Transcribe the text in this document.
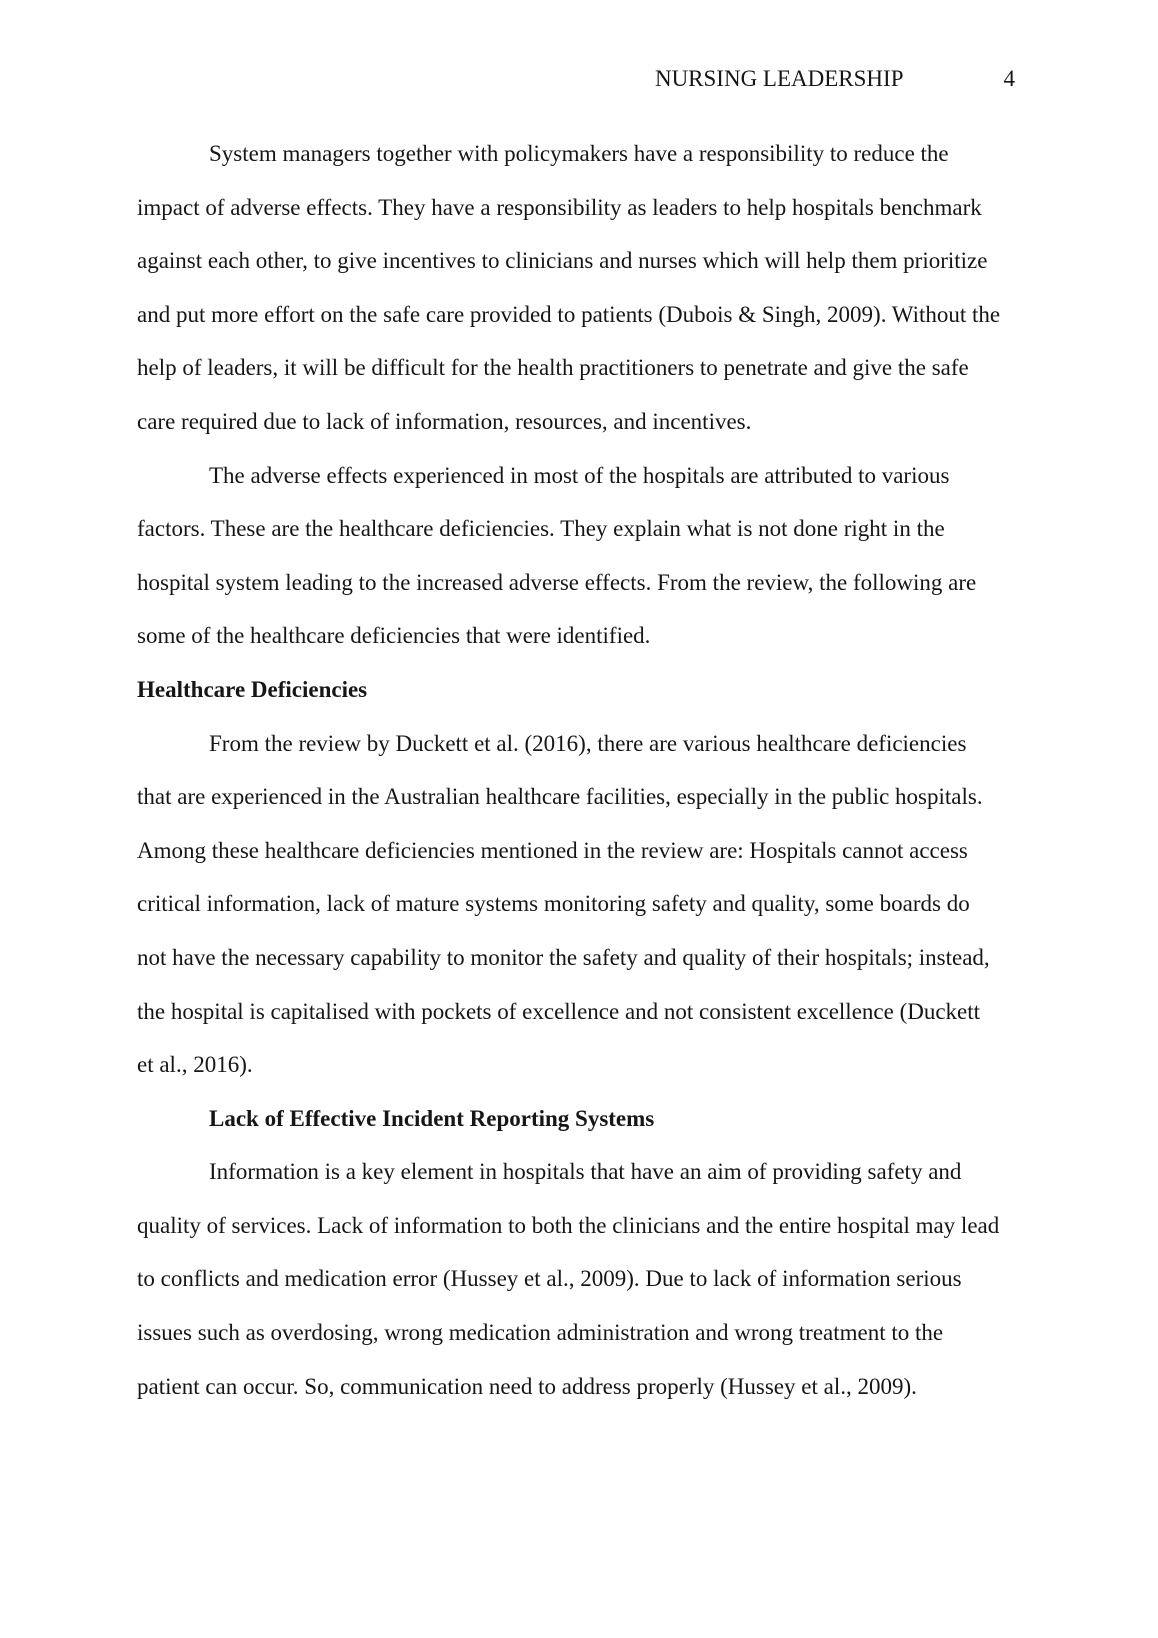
NURSING LEADERSHIP	4
System managers together with policymakers have a responsibility to reduce the
impact of adverse effects. They have a responsibility as leaders to help hospitals benchmark
against each other, to give incentives to clinicians and nurses which will help them prioritize
and put more effort on the safe care provided to patients (Dubois & Singh, 2009). Without the
help of leaders, it will be difficult for the health practitioners to penetrate and give the safe
care required due to lack of information, resources, and incentives.
The adverse effects experienced in most of the hospitals are attributed to various
factors. These are the healthcare deficiencies. They explain what is not done right in the
hospital system leading to the increased adverse effects. From the review, the following are
some of the healthcare deficiencies that were identified.
Healthcare Deficiencies
From the review by Duckett et al. (2016), there are various healthcare deficiencies
that are experienced in the Australian healthcare facilities, especially in the public hospitals.
Among these healthcare deficiencies mentioned in the review are: Hospitals cannot access
critical information, lack of mature systems monitoring safety and quality, some boards do
not have the necessary capability to monitor the safety and quality of their hospitals; instead,
the hospital is capitalised with pockets of excellence and not consistent excellence (Duckett
et al., 2016).
Lack of Effective Incident Reporting Systems
Information is a key element in hospitals that have an aim of providing safety and
quality of services. Lack of information to both the clinicians and the entire hospital may lead
to conflicts and medication error (Hussey et al., 2009). Due to lack of information serious
issues such as overdosing, wrong medication administration and wrong treatment to the
patient can occur. So, communication need to address properly (Hussey et al., 2009).
